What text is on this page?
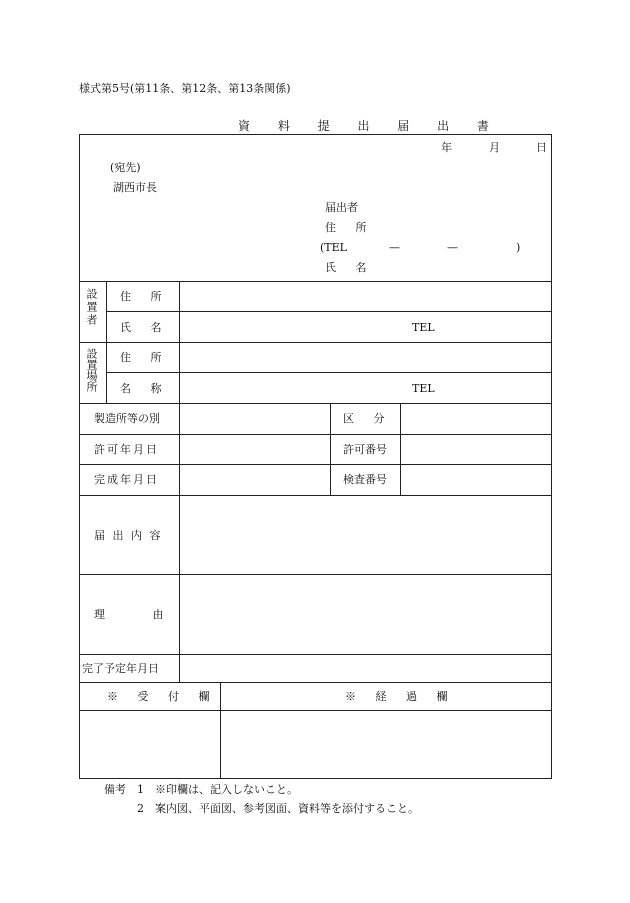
様式第5号(第11条、第12条、第13条関係)
資 料 提 出 届 出 書
年	月	日
(宛先)
湖西市長
届出者
住 所
(TEL	—	—	)
氏 名
設置者 住 所
氏 名	TEL
設置場所 住 所
名 称	TEL
製造所等の別	区 分
許可年月日	許可番号
完成年月日	検査番号
届 出 内 容
理 由
完了予定年月日
※ 受 付 欄	※ 経 過 欄
備考 1 ※印欄は、記入しないこと。
2 案内図、平面図、参考図面、資料等を添付すること。
